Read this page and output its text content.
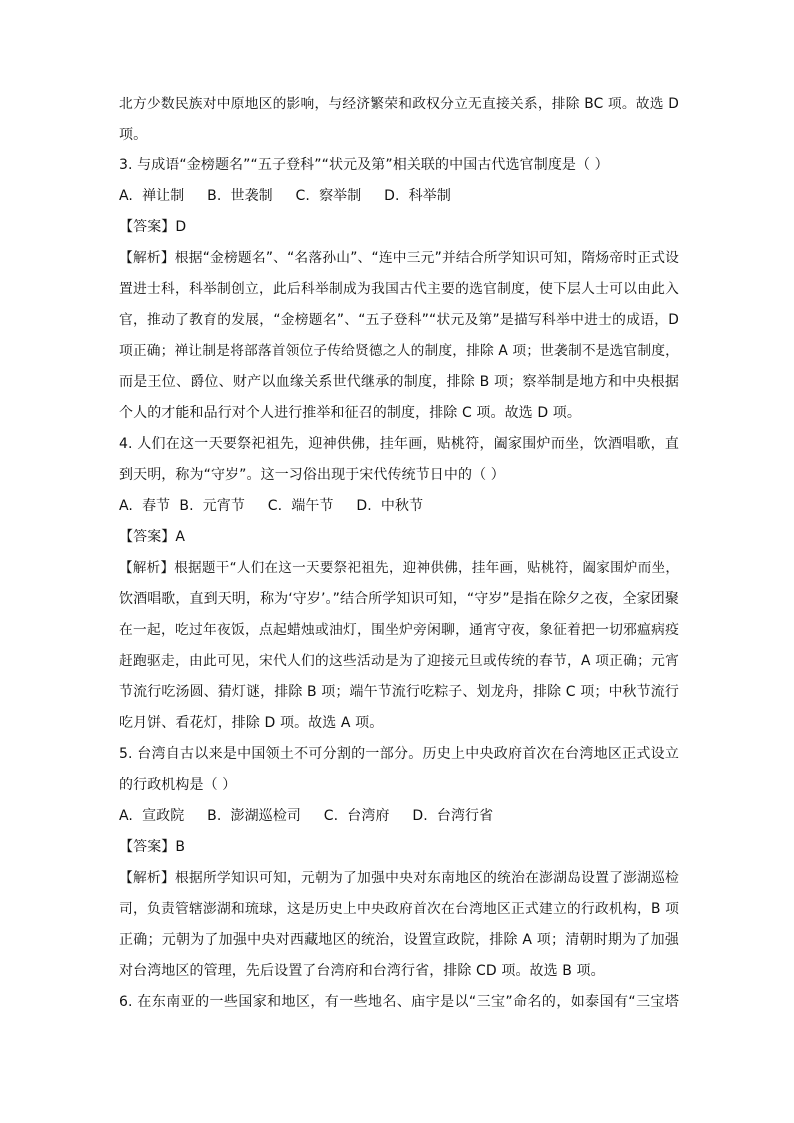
北方少数民族对中原地区的影响，与经济繁荣和政权分立无直接关系，排除 BC 项。故选 D
项。
3. 与成语“金榜题名”“五子登科”“状元及第”相关联的中国古代选官制度是（ ）
A.  禅让制     B.  世袭制     C.  察举制     D.  科举制
【答案】D
【解析】根据“金榜题名”、“名落孙山”、“连中三元”并结合所学知识可知，隋炀帝时正式设
置进士科，科举制创立，此后科举制成为我国古代主要的选官制度，使下层人士可以由此入
官，推动了教育的发展，“金榜题名”、“五子登科”“状元及第”是描写科举中进士的成语，D
项正确；禅让制是将部落首领位子传给贤德之人的制度，排除 A 项；世袭制不是选官制度，
而是王位、爵位、财产以血缘关系世代继承的制度，排除 B 项；察举制是地方和中央根据
个人的才能和品行对个人进行推举和征召的制度，排除 C 项。故选 D 项。
4. 人们在这一天要祭祀祖先，迎神供佛，挂年画，贴桃符，阖家围炉而坐，饮酒唱歌，直
到天明，称为“守岁”。这一习俗出现于宋代传统节日中的（ ）
A.  春节  B.  元宵节     C.  端午节     D.  中秋节
【答案】A
【解析】根据题干“人们在这一天要祭祀祖先，迎神供佛，挂年画，贴桃符，阖家围炉而坐，
饮酒唱歌，直到天明，称为‘守岁’。”结合所学知识可知，“守岁”是指在除夕之夜，全家团聚
在一起，吃过年夜饭，点起蜡烛或油灯，围坐炉旁闲聊，通宵守夜，象征着把一切邪瘟病疫
赶跑驱走，由此可见，宋代人们的这些活动是为了迎接元旦或传统的春节，A 项正确；元宵
节流行吃汤圆、猜灯谜，排除 B 项；端午节流行吃粽子、划龙舟，排除 C 项；中秋节流行
吃月饼、看花灯，排除 D 项。故选 A 项。
5. 台湾自古以来是中国领土不可分割的一部分。历史上中央政府首次在台湾地区正式设立
的行政机构是（ ）
A.  宣政院     B.  澎湖巡检司     C.  台湾府     D.  台湾行省
【答案】B
【解析】根据所学知识可知，元朝为了加强中央对东南地区的统治在澎湖岛设置了澎湖巡检
司，负责管辖澎湖和琉球，这是历史上中央政府首次在台湾地区正式建立的行政机构，B 项
正确；元朝为了加强中央对西藏地区的统治，设置宣政院，排除 A 项；清朝时期为了加强
对台湾地区的管理，先后设置了台湾府和台湾行省，排除 CD 项。故选 B 项。
6. 在东南亚的一些国家和地区，有一些地名、庙宇是以“三宝”命名的，如泰国有“三宝塔
